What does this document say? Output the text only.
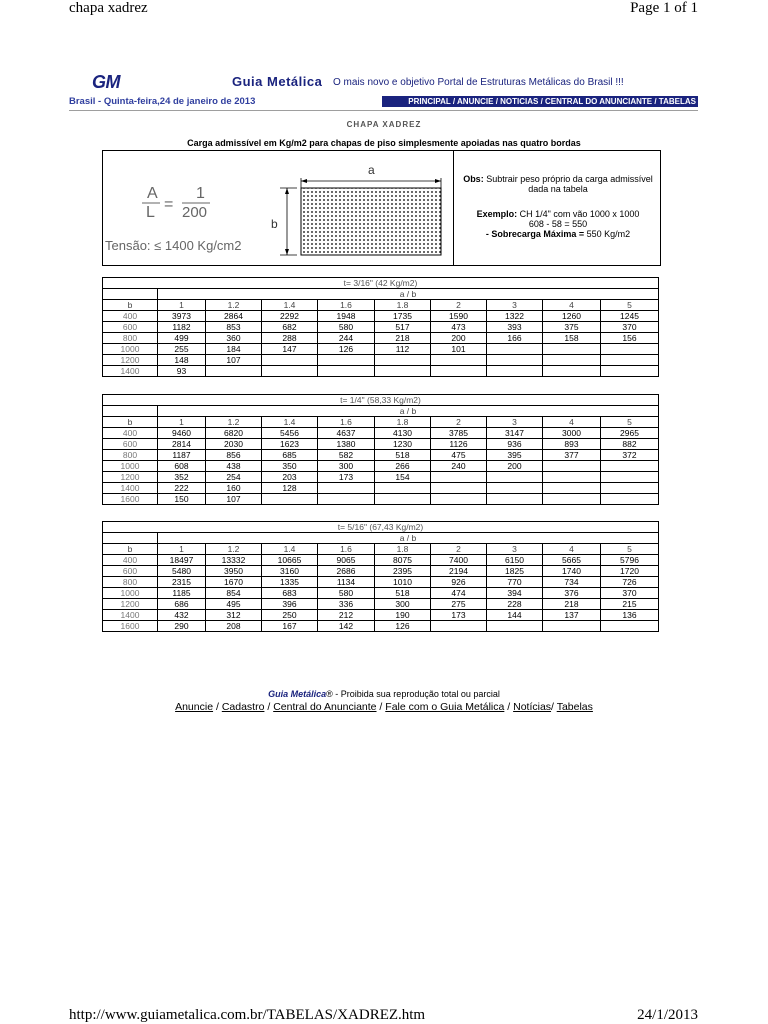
chapa xadrez	Page 1 of 1
GM	Guia Metálica O mais novo e objetivo Portal de Estruturas Metálicas do Brasil !!!
Brasil - Quinta-feira,24 de janeiro de 2013	PRINCIPAL / ANUNCIE / NOTICIAS / CENTRAL DO ANUNCIANTE / TABELAS
CHAPA XADREZ
Carga admissível em Kg/m2 para chapas de piso simplesmente apoiadas nas quatro bordas
A
L =
1
200
Tensão: ≤ 1400 Kg/cm2
a
b
Obs: Subtrair peso próprio da carga admissível dada na tabela
Exemplo: CH 1/4" com vão 1000 x 1000
608 - 58 = 550
- Sobrecarga Máxima = 550 Kg/m2
t= 3/16" (42 Kg/m2)									
	a / b								
b	1	1.2	1.4	1.6	1.8	2	3	4	5
400	3973	2864	2292	1948	1735	1590	1322	1260	1245
600	1182	853	682	580	517	473	393	375	370
800	499	360	288	244	218	200	166	158	156
1000	255	184	147	126	112	101			
1200	148	107							
1400	93								
t= 1/4" (58,33 Kg/m2)									
	a / b								
b	1	1.2	1.4	1.6	1.8	2	3	4	5
400	9460	6820	5456	4637	4130	3785	3147	3000	2965
600	2814	2030	1623	1380	1230	1126	936	893	882
800	1187	856	685	582	518	475	395	377	372
1000	608	438	350	300	266	240	200		
1200	352	254	203	173	154				
1400	222	160	128						
1600	150	107							
t= 5/16" (67,43 Kg/m2)									
	a / b								
b	1	1.2	1.4	1.6	1.8	2	3	4	5
400	18497	13332	10665	9065	8075	7400	6150	5665	5796
600	5480	3950	3160	2686	2395	2194	1825	1740	1720
800	2315	1670	1335	1134	1010	926	770	734	726
1000	1185	854	683	580	518	474	394	376	370
1200	686	495	396	336	300	275	228	218	215
1400	432	312	250	212	190	173	144	137	136
1600	290	208	167	142	126				
Guia Metálica® - Proibida sua reprodução total ou parcial
Anuncie / Cadastro / Central do Anunciante / Fale com o Guia Metálica / Notícias/ Tabelas
http://www.guiametalica.com.br/TABELAS/XADREZ.htm	24/1/2013
